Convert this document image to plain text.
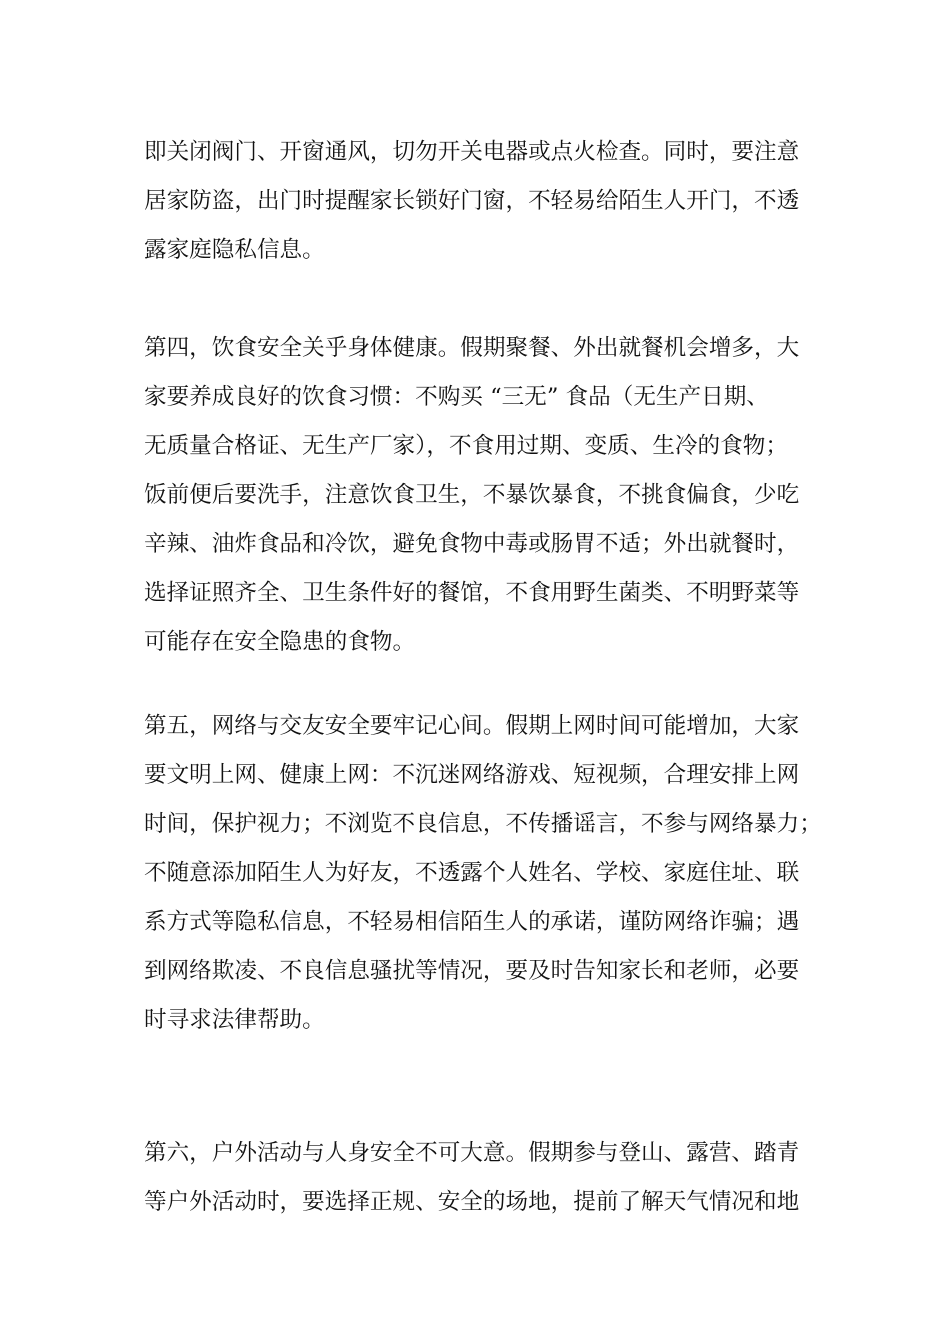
即关闭阀门、开窗通风，切勿开关电器或点火检查。同时，要注意
居家防盗，出门时提醒家长锁好门窗，不轻易给陌生人开门，不透
露家庭隐私信息。
第四，饮食安全关乎身体健康。假期聚餐、外出就餐机会增多，大
家要养成良好的饮食习惯：不购买 “三无” 食品（无生产日期、
无质量合格证、无生产厂家），不食用过期、变质、生冷的食物；
饭前便后要洗手，注意饮食卫生，不暴饮暴食，不挑食偏食，少吃
辛辣、油炸食品和冷饮，避免食物中毒或肠胃不适；外出就餐时，
选择证照齐全、卫生条件好的餐馆，不食用野生菌类、不明野菜等
可能存在安全隐患的食物。
第五，网络与交友安全要牢记心间。假期上网时间可能增加，大家
要文明上网、健康上网：不沉迷网络游戏、短视频，合理安排上网
时间，保护视力；不浏览不良信息，不传播谣言，不参与网络暴力；
不随意添加陌生人为好友，不透露个人姓名、学校、家庭住址、联
系方式等隐私信息，不轻易相信陌生人的承诺，谨防网络诈骗；遇
到网络欺凌、不良信息骚扰等情况，要及时告知家长和老师，必要
时寻求法律帮助。
第六，户外活动与人身安全不可大意。假期参与登山、露营、踏青
等户外活动时，要选择正规、安全的场地，提前了解天气情况和地
